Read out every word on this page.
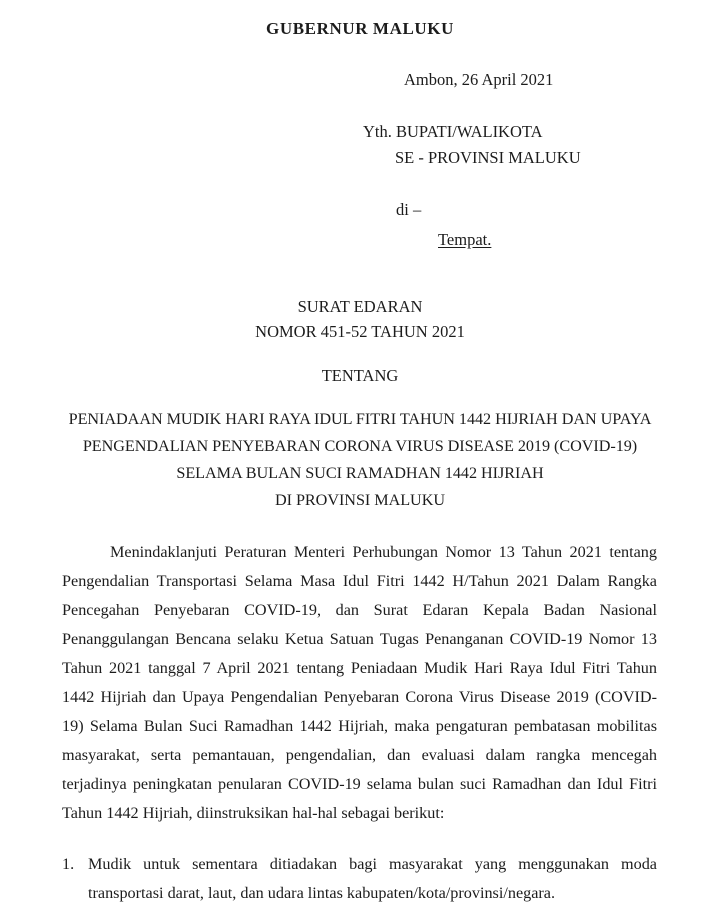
GUBERNUR MALUKU
Ambon, 26 April 2021
Yth. BUPATI/WALIKOTA
SE - PROVINSI MALUKU
di –
Tempat.
SURAT EDARAN
NOMOR 451-52 TAHUN 2021
TENTANG
PENIADAAN MUDIK HARI RAYA IDUL FITRI TAHUN 1442 HIJRIAH DAN UPAYA
PENGENDALIAN PENYEBARAN CORONA VIRUS DISEASE 2019 (COVID-19)
SELAMA BULAN SUCI RAMADHAN 1442 HIJRIAH
DI PROVINSI MALUKU

Menindaklanjuti Peraturan Menteri Perhubungan Nomor 13 Tahun 2021 tentang Pengendalian Transportasi Selama Masa Idul Fitri 1442 H/Tahun 2021 Dalam Rangka Pencegahan Penyebaran COVID-19, dan Surat Edaran Kepala Badan Nasional Penanggulangan Bencana selaku Ketua Satuan Tugas Penanganan COVID-19 Nomor 13 Tahun 2021 tanggal 7 April 2021 tentang Peniadaan Mudik Hari Raya Idul Fitri Tahun 1442 Hijriah dan Upaya Pengendalian Penyebaran Corona Virus Disease 2019 (COVID-19) Selama Bulan Suci Ramadhan 1442 Hijriah, maka pengaturan pembatasan mobilitas masyarakat, serta pemantauan, pengendalian, dan evaluasi dalam rangka mencegah terjadinya peningkatan penularan COVID-19 selama bulan suci Ramadhan dan Idul Fitri Tahun 1442 Hijriah, diinstruksikan hal-hal sebagai berikut:

1. Mudik untuk sementara ditiadakan bagi masyarakat yang menggunakan moda transportasi darat, laut, dan udara lintas kabupaten/kota/provinsi/negara.
